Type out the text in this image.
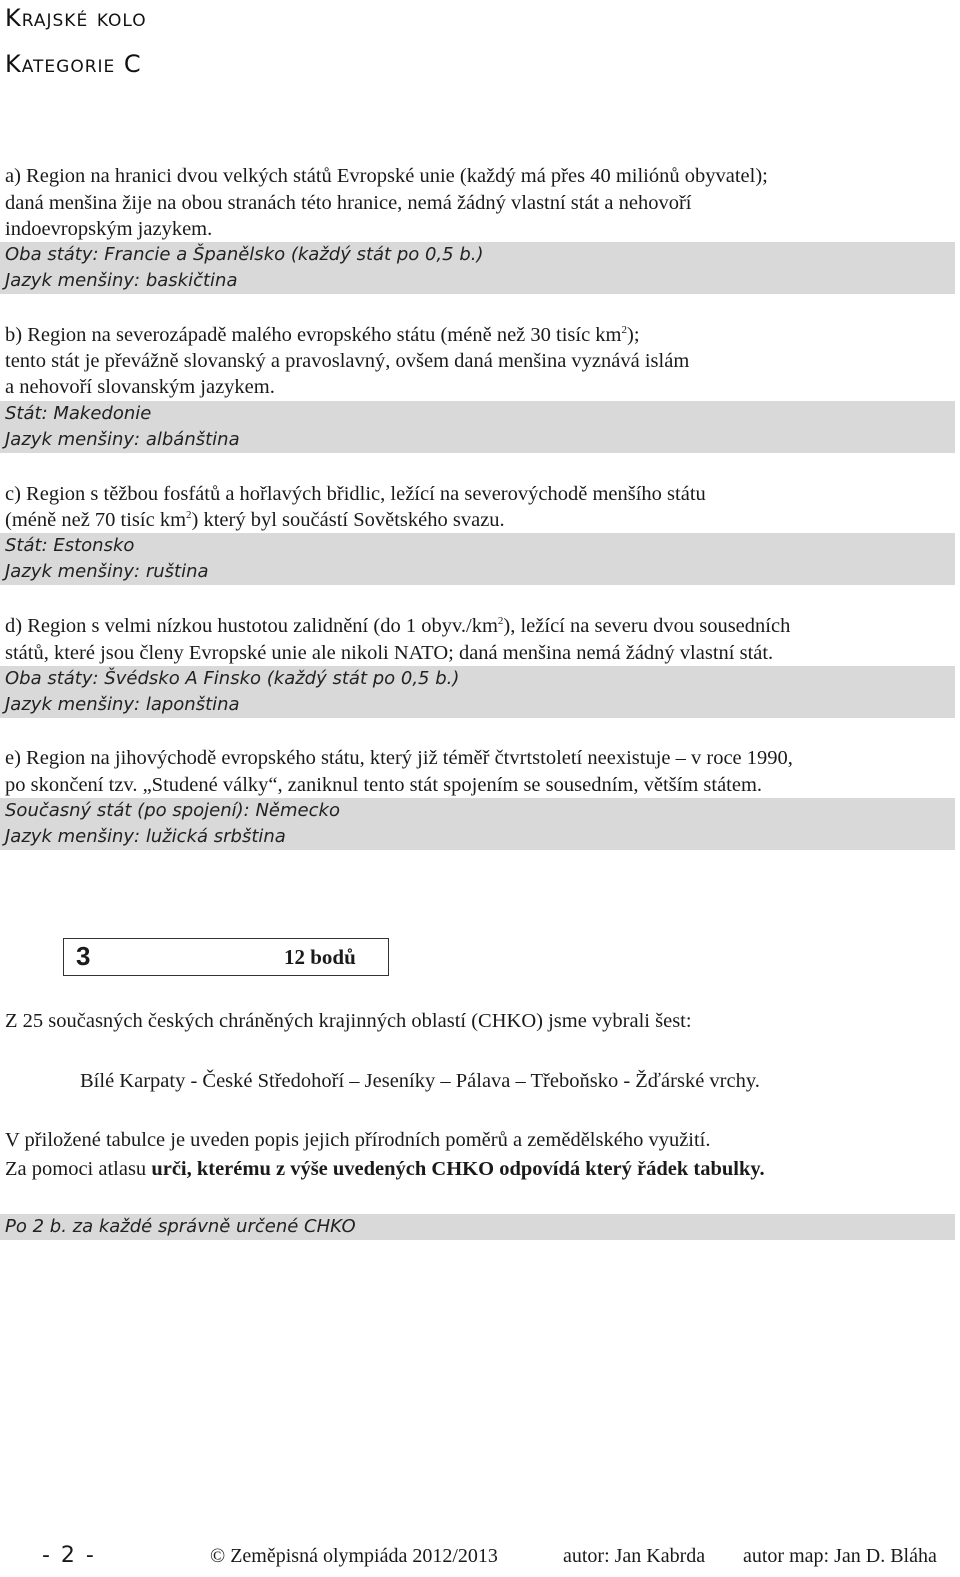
Krajské kolo
Kategorie C
a) Region na hranici dvou velkých států Evropské unie (každý má přes 40 miliónů obyvatel);
daná menšina žije na obou stranách této hranice, nemá žádný vlastní stát a nehovoří
indoevropským jazykem.
Oba státy: Francie a Španělsko (každý stát po 0,5 b.)
Jazyk menšiny: baskičtina
b) Region na severozápadě malého evropského státu (méně než 30 tisíc $km^2$);
tento stát je převážně slovanský a pravoslavný, ovšem daná menšina vyznává islám
a nehovoří slovanským jazykem.
Stát: Makedonie
Jazyk menšiny: albánština
c) Region s těžbou fosfátů a hořlavých břidlic, ležící na severovýchodě menšího státu
(méně než 70 tisíc $km^2$) který byl součástí Sovětského svazu.
Stát: Estonsko
Jazyk menšiny: ruština
d) Region s velmi nízkou hustotou zalidnění (do 1 $obyv./km^2$), ležící na severu dvou sousedních
států, které jsou členy Evropské unie ale nikoli NATO; daná menšina nemá žádný vlastní stát.
Oba státy: Švédsko A Finsko (každý stát po 0,5 b.)
Jazyk menšiny: laponština
e) Region na jihovýchodě evropského státu, který již téměř čtvrtstoletí neexistuje – v roce 1990,
po skončení tzv. „Studené války“, zaniknul tento stát spojením se sousedním, větším státem.
Současný stát (po spojení): Německo
Jazyk menšiny: lužická srbština
3	12 bodů
Z 25 současných českých chráněných krajinných oblastí (CHKO) jsme vybrali šest:
Bílé Karpaty - České Středohoří – Jeseníky – Pálava – Třeboňsko - Žďárské vrchy.
V přiložené tabulce je uveden popis jejich přírodních poměrů a zemědělského využití.
Za pomoci atlasu urči, kterému z výše uvedených CHKO odpovídá který řádek tabulky.
Po 2 b. za každé správně určené CHKO
- 2 -	© Zeměpisná olympiáda 2012/2013	autor: Jan Kabrda autor map: Jan D. Bláha
